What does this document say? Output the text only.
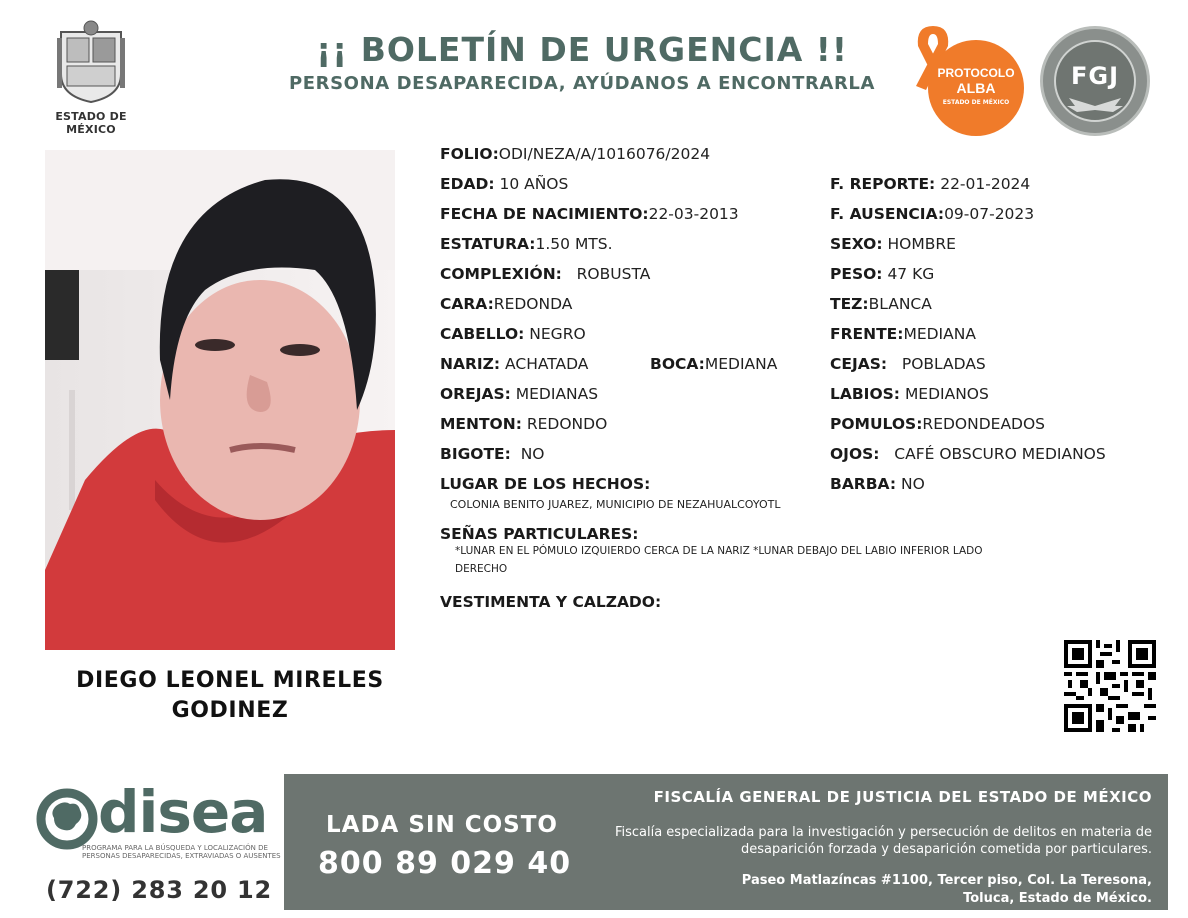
ESTADO DE MÉXICO
¡¡ BOLETÍN DE URGENCIA !!
PERSONA DESAPARECIDA, AYÚDANOS A ENCONTRARLA	PROTOCOLO
ALBA
ESTADO DE MÉXICO
FGJ
DIEGO LEONEL MIRELES
GODINEZ
FOLIO:ODI/NEZA/A/1016076/2024
EDAD: 10 AÑOS
FECHA DE NACIMIENTO:22-03-2013
ESTATURA:1.50 MTS.
COMPLEXIÓN: ROBUSTA
CARA:REDONDA
CABELLO: NEGRO
NARIZ: ACHATADA	BOCA:MEDIANA
OREJAS: MEDIANAS
MENTON: REDONDO
BIGOTE: NO
LUGAR DE LOS HECHOS:
COLONIA BENITO JUAREZ, MUNICIPIO DE NEZAHUALCOYOTL
SEÑAS PARTICULARES:
*LUNAR EN EL PÓMULO IZQUIERDO CERCA DE LA NARIZ *LUNAR DEBAJO DEL LABIO INFERIOR LADO
DERECHO
VESTIMENTA Y CALZADO:
F. REPORTE: 22-01-2024
F. AUSENCIA:09-07-2023
SEXO: HOMBRE
PESO: 47 KG
TEZ:BLANCA
FRENTE:MEDIANA
CEJAS: POBLADAS
LABIOS: MEDIANOS
POMULOS:REDONDEADOS
OJOS: CAFÉ OBSCURO MEDIANOS
BARBA: NO
disea
PROGRAMA PARA LA BÚSQUEDA Y LOCALIZACIÓN DE PERSONAS DESAPARECIDAS, EXTRAVIADAS O AUSENTES
(722) 283 20 12
LADA SIN COSTO
800 89 029 40
FISCALÍA GENERAL DE JUSTICIA DEL ESTADO DE MÉXICO
Fiscalía especializada para la investigación y persecución de delitos en materia de desaparición forzada y desaparición cometida por particulares.
Paseo Matlazíncas #1100, Tercer piso, Col. La Teresona,
Toluca, Estado de México.
